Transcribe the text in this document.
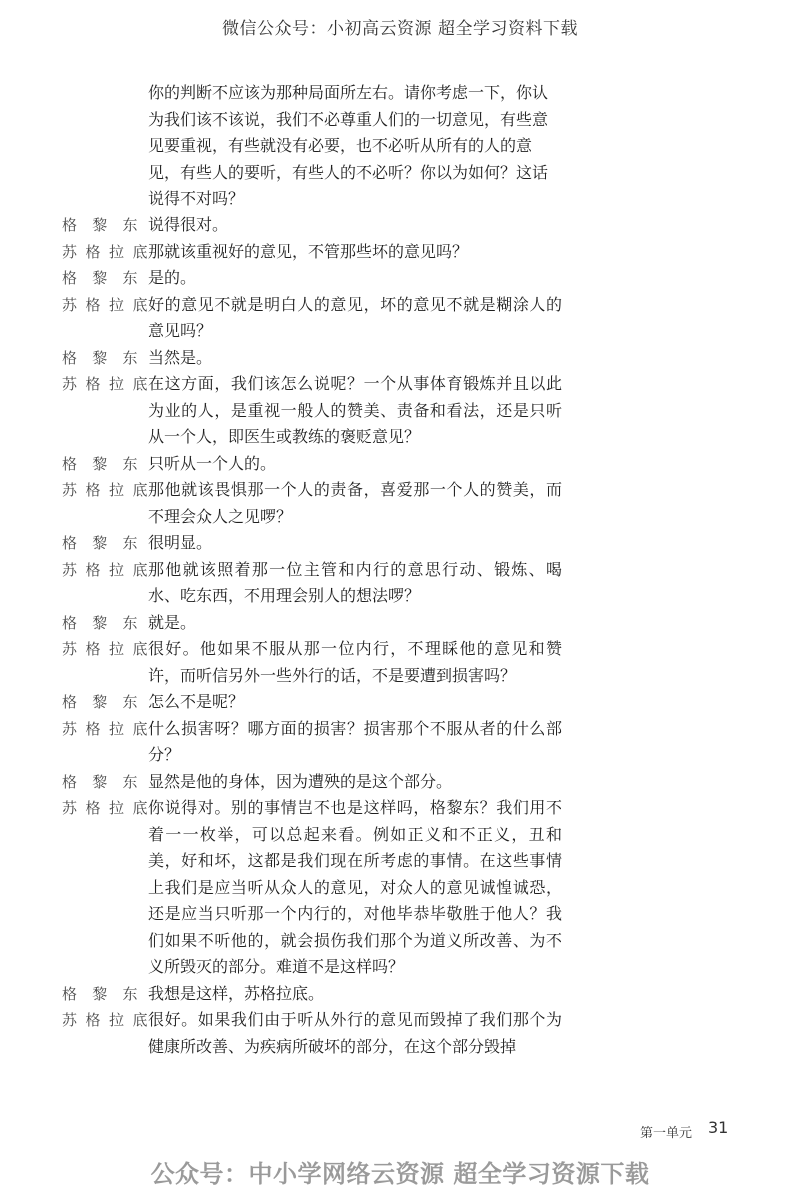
微信公众号：小初高云资源 超全学习资料下载

你的判断不应该为那种局面所左右。请你考虑一下，你认为我们该不该说，我们不必尊重人们的一切意见，有些意见要重视，有些就没有必要，也不必听从所有的人的意见，有些人的要听，有些人的不必听？你以为如何？这话说得不对吗？

格 黎 东 说得很对。
苏 格 拉 底 那就该重视好的意见，不管那些坏的意见吗？
格 黎 东 是的。
苏 格 拉 底 好的意见不就是明白人的意见，坏的意见不就是糊涂人的意见吗？
格 黎 东 当然是。
苏 格 拉 底 在这方面，我们该怎么说呢？一个从事体育锻炼并且以此为业的人，是重视一般人的赞美、责备和看法，还是只听从一个人，即医生或教练的褒贬意见？
格 黎 东 只听从一个人的。
苏 格 拉 底 那他就该畏惧那一个人的责备，喜爱那一个人的赞美，而不理会众人之见啰？
格 黎 东 很明显。
苏 格 拉 底 那他就该照着那一位主管和内行的意思行动、锻炼、喝水、吃东西，不用理会别人的想法啰？
格 黎 东 就是。
苏 格 拉 底 很好。他如果不服从那一位内行，不理睬他的意见和赞许，而听信另外一些外行的话，不是要遭到损害吗？
格 黎 东 怎么不是呢？
苏 格 拉 底 什么损害呀？哪方面的损害？损害那个不服从者的什么部分？
格 黎 东 显然是他的身体，因为遭殃的是这个部分。
苏 格 拉 底 你说得对。别的事情岂不也是这样吗，格黎东？我们用不着一一枚举，可以总起来看。例如正义和不正义，丑和美，好和坏，这都是我们现在所考虑的事情。在这些事情上我们是应当听从众人的意见，对众人的意见诚惶诚恐，还是应当只听那一个内行的，对他毕恭毕敬胜于他人？我们如果不听他的，就会损伤我们那个为道义所改善、为不义所毁灭的部分。难道不是这样吗？
格 黎 东 我想是这样，苏格拉底。
苏 格 拉 底 很好。如果我们由于听从外行的意见而毁掉了我们那个为健康所改善、为疾病所破坏的部分，在这个部分毁掉
第一单元 31
公众号：中小学网络云资源 超全学习资源下载
